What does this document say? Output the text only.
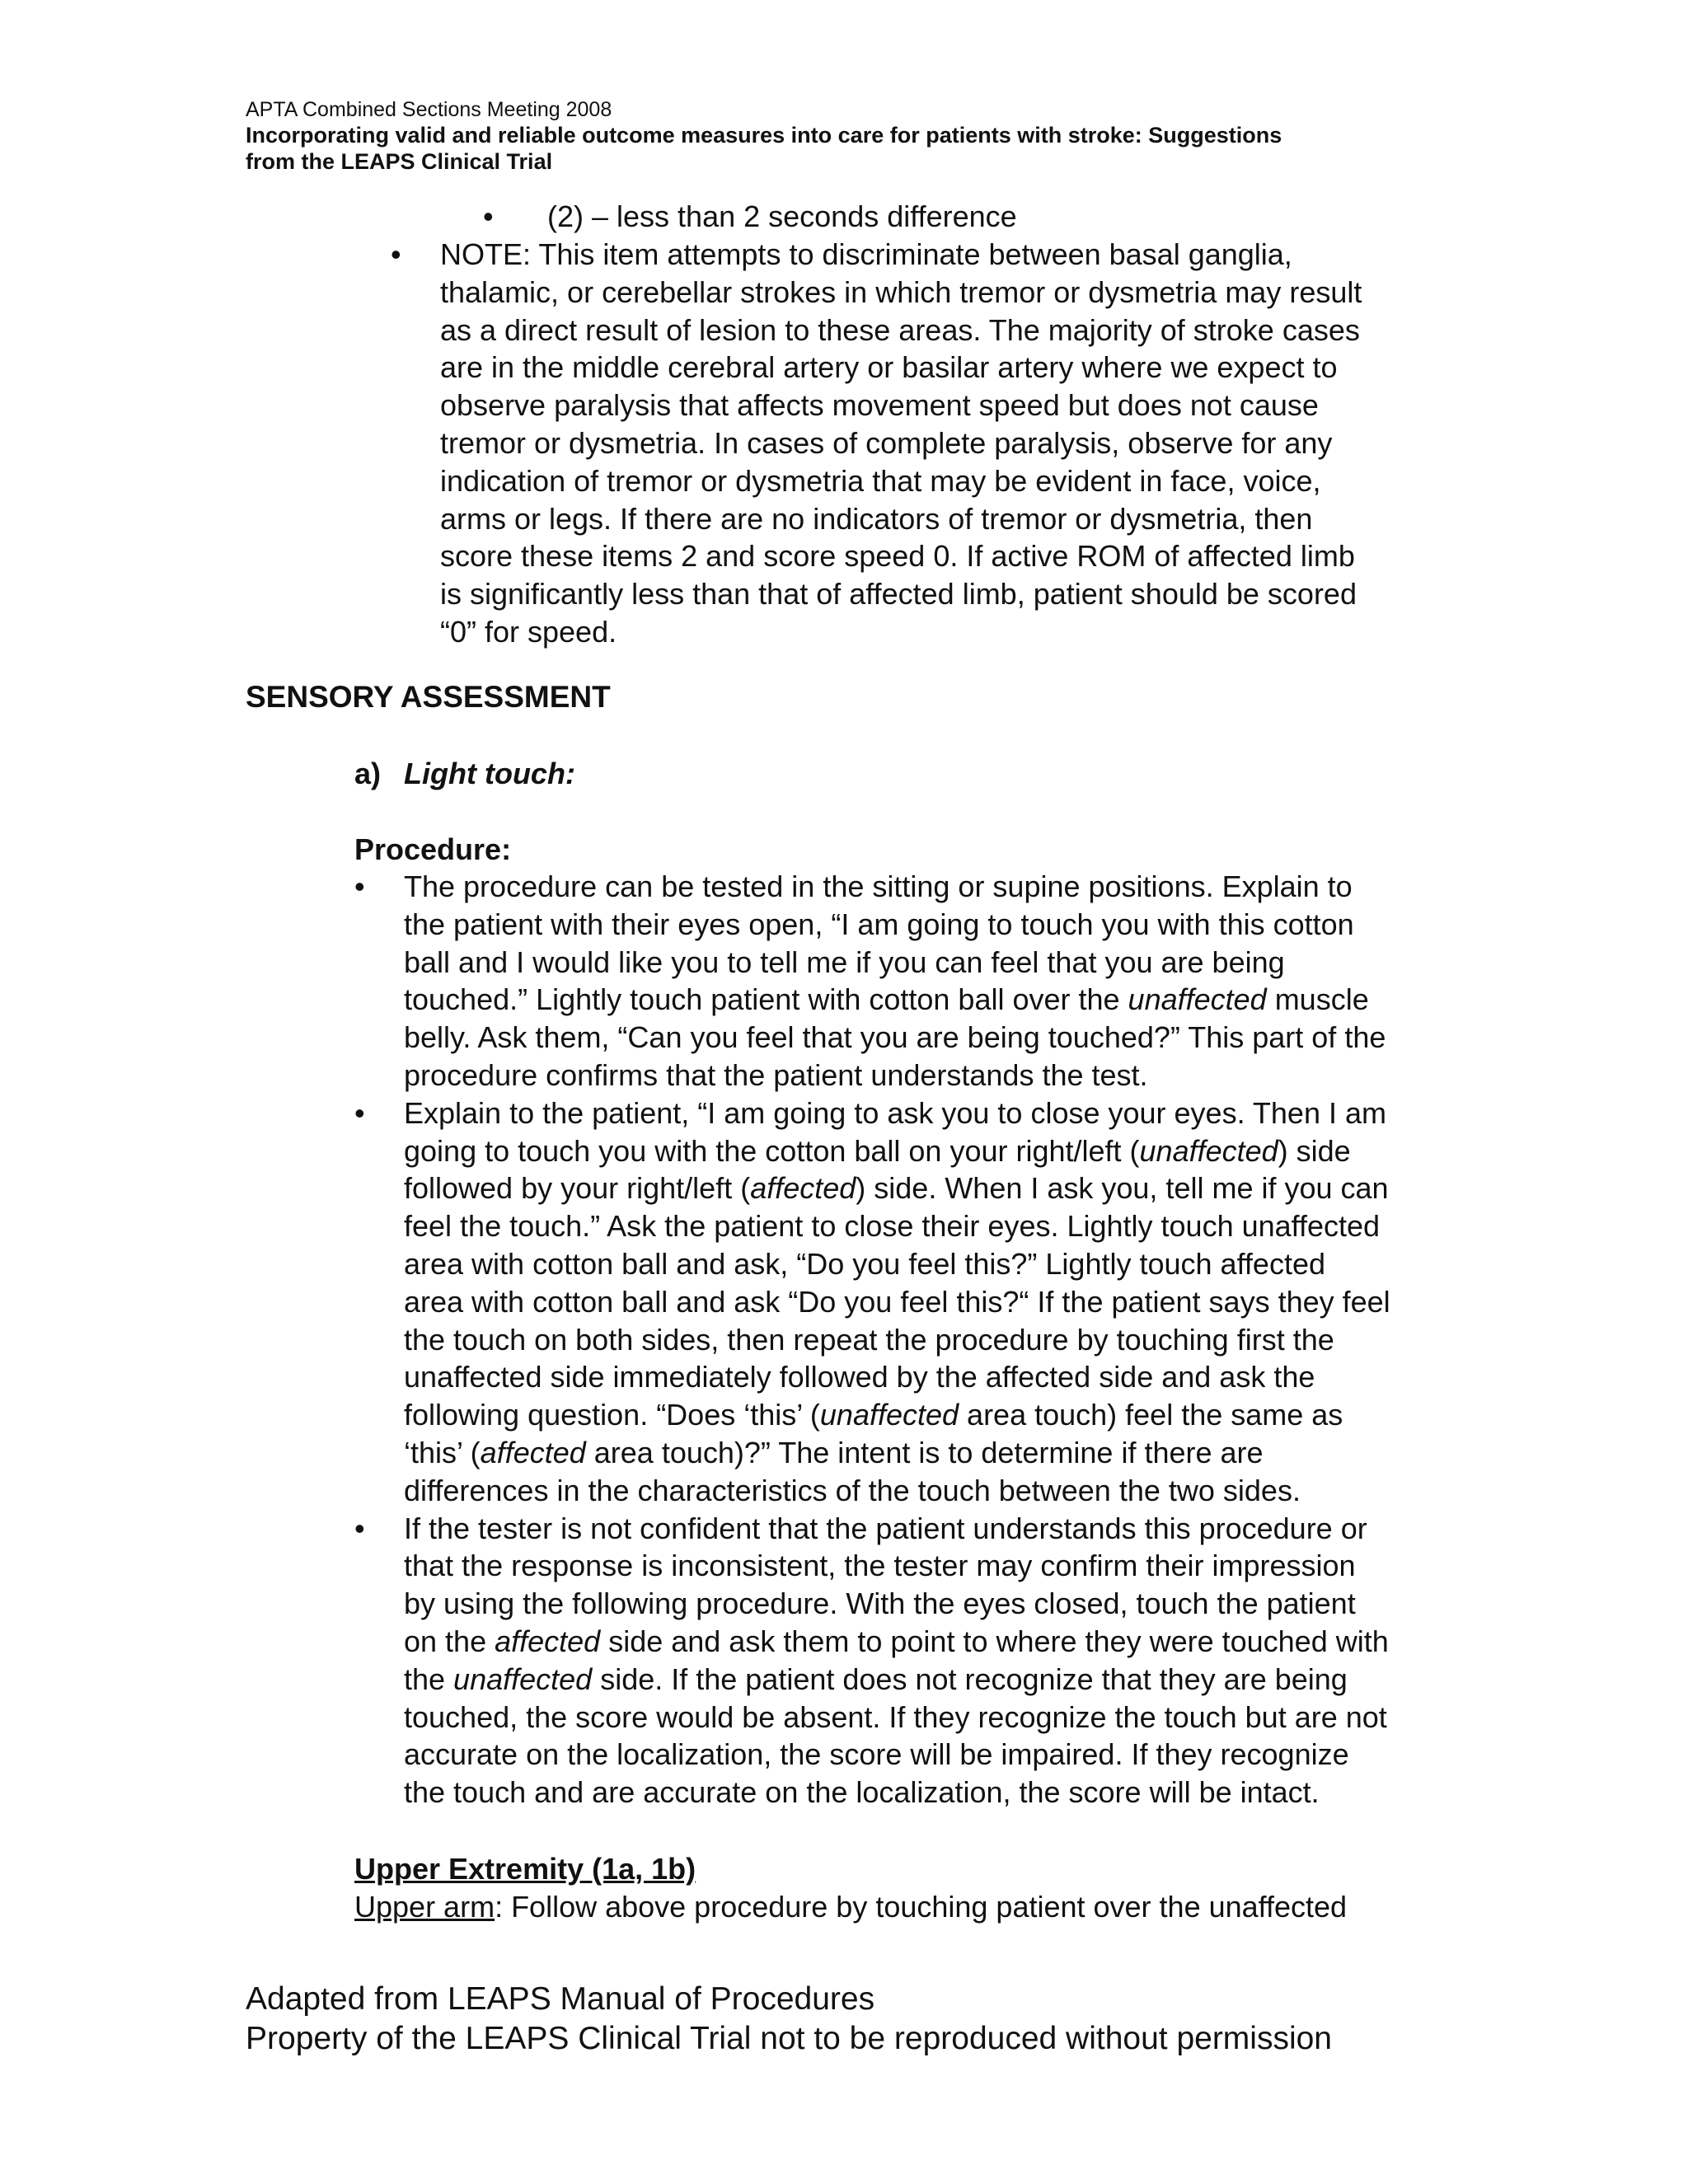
APTA Combined Sections Meeting 2008
Incorporating valid and reliable outcome measures into care for patients with stroke: Suggestions
from the LEAPS Clinical Trial
• (2) – less than 2 seconds difference
• NOTE: This item attempts to discriminate between basal ganglia,
thalamic, or cerebellar strokes in which tremor or dysmetria may result
as a direct result of lesion to these areas. The majority of stroke cases
are in the middle cerebral artery or basilar artery where we expect to
observe paralysis that affects movement speed but does not cause
tremor or dysmetria. In cases of complete paralysis, observe for any
indication of tremor or dysmetria that may be evident in face, voice,
arms or legs. If there are no indicators of tremor or dysmetria, then
score these items 2 and score speed 0. If active ROM of affected limb
is significantly less than that of affected limb, patient should be scored
“0” for speed.
SENSORY ASSESSMENT
a) Light touch:
Procedure:
• The procedure can be tested in the sitting or supine positions. Explain to
the patient with their eyes open, “I am going to touch you with this cotton
ball and I would like you to tell me if you can feel that you are being
touched.” Lightly touch patient with cotton ball over the unaffected muscle
belly. Ask them, “Can you feel that you are being touched?” This part of the
procedure confirms that the patient understands the test.
• Explain to the patient, “I am going to ask you to close your eyes. Then I am
going to touch you with the cotton ball on your right/left (unaffected) side
followed by your right/left (affected) side. When I ask you, tell me if you can
feel the touch.” Ask the patient to close their eyes. Lightly touch unaffected
area with cotton ball and ask, “Do you feel this?” Lightly touch affected
area with cotton ball and ask “Do you feel this?“ If the patient says they feel
the touch on both sides, then repeat the procedure by touching first the
unaffected side immediately followed by the affected side and ask the
following question. “Does ‘this’ (unaffected area touch) feel the same as
‘this’ (affected area touch)?” The intent is to determine if there are
differences in the characteristics of the touch between the two sides.
• If the tester is not confident that the patient understands this procedure or
that the response is inconsistent, the tester may confirm their impression
by using the following procedure. With the eyes closed, touch the patient
on the affected side and ask them to point to where they were touched with
the unaffected side. If the patient does not recognize that they are being
touched, the score would be absent. If they recognize the touch but are not
accurate on the localization, the score will be impaired. If they recognize
the touch and are accurate on the localization, the score will be intact.
Upper Extremity (1a, 1b)
Upper arm: Follow above procedure by touching patient over the unaffected
Adapted from LEAPS Manual of Procedures
Property of the LEAPS Clinical Trial not to be reproduced without permission
